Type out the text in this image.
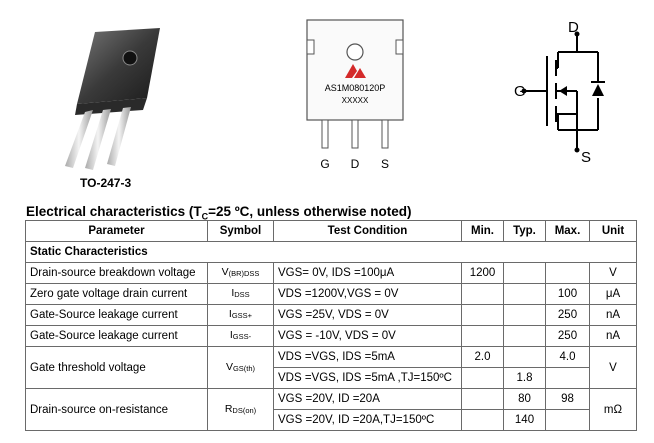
TO-247-3
AS1M080120P
XXXXX
G D S
D
G
S
Electrical characteristics ($T_C=25$ ºC, unless otherwise noted)
Parameter	Symbol	Test Condition	Min.	Typ.	Max.	Unit
Static Characteristics						
Drain-source breakdown voltage	V(BR)DSS	VGS= 0V, IDS =100μA	1200			V
Zero gate voltage drain current	IDSS	VDS =1200V,VGS = 0V			100	μA
Gate-Source leakage current	IGSS+	VGS =25V, VDS = 0V			250	nA
Gate-Source leakage current	IGSS-	VGS = -10V, VDS = 0V			250	nA
Gate threshold voltage	VGS(th)	VDS =VGS, IDS =5mA	2.0		4.0	V
		VDS =VGS, IDS =5mA ,TJ=150ºC		1.8		
Drain-source on-resistance	RDS(on)	VGS =20V, ID =20A		80	98	mΩ
		VGS =20V, ID =20A,TJ=150ºC		140		
